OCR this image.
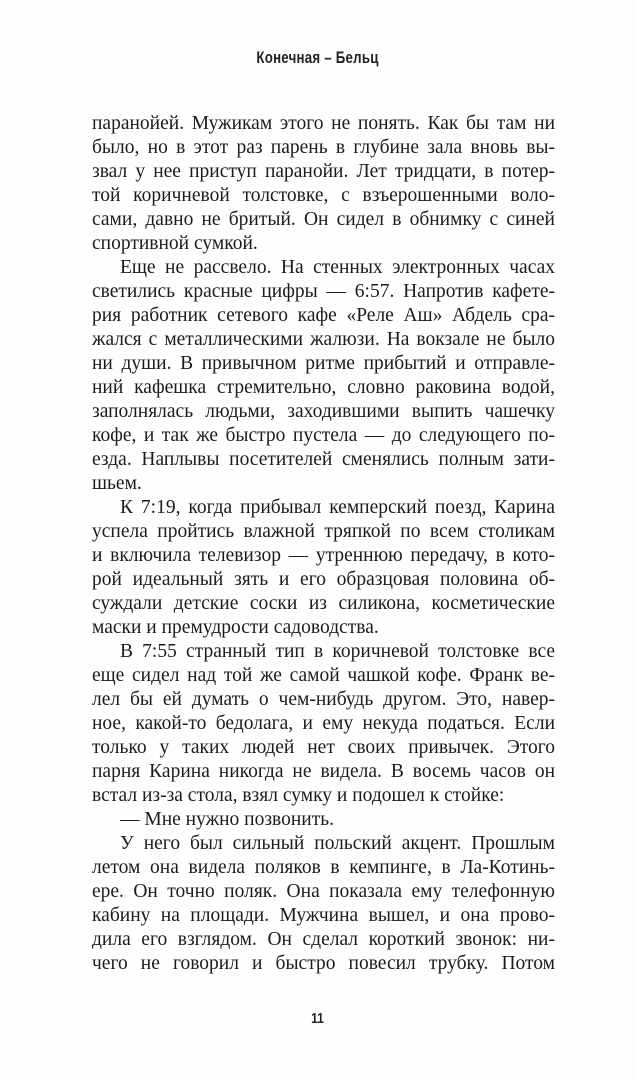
Конечная – Бельц
паранойей. Мужикам этого не понять. Как бы там ни
было, но в этот раз парень в глубине зала вновь вы-
звал у нее приступ паранойи. Лет тридцати, в потер-
той коричневой толстовке, с взъерошенными воло-
сами, давно не бритый. Он сидел в обнимку с синей
спортивной сумкой.
Еще не рассвело. На стенных электронных часах
светились красные цифры — 6:57. Напротив кафете-
рия работник сетевого кафе «Реле Аш» Абдель сра-
жался с металлическими жалюзи. На вокзале не было
ни души. В привычном ритме прибытий и отправле-
ний кафешка стремительно, словно раковина водой,
заполнялась людьми, заходившими выпить чашечку
кофе, и так же быстро пустела — до следующего по-
езда. Наплывы посетителей сменялись полным зати-
шьем.
К 7:19, когда прибывал кемперский поезд, Карина
успела пройтись влажной тряпкой по всем столикам
и включила телевизор — утреннюю передачу, в кото-
рой идеальный зять и его образцовая половина об-
суждали детские соски из силикона, косметические
маски и премудрости садоводства.
В 7:55 странный тип в коричневой толстовке все
еще сидел над той же самой чашкой кофе. Франк ве-
лел бы ей думать о чем-нибудь другом. Это, навер-
ное, какой-то бедолага, и ему некуда податься. Если
только у таких людей нет своих привычек. Этого
парня Карина никогда не видела. В восемь часов он
встал из-за стола, взял сумку и подошел к стойке:
— Мне нужно позвонить.
У него был сильный польский акцент. Прошлым
летом она видела поляков в кемпинге, в Ла-Котинь-
ере. Он точно поляк. Она показала ему телефонную
кабину на площади. Мужчина вышел, и она прово-
дила его взглядом. Он сделал короткий звонок: ни-
чего не говорил и быстро повесил трубку. Потом
11
